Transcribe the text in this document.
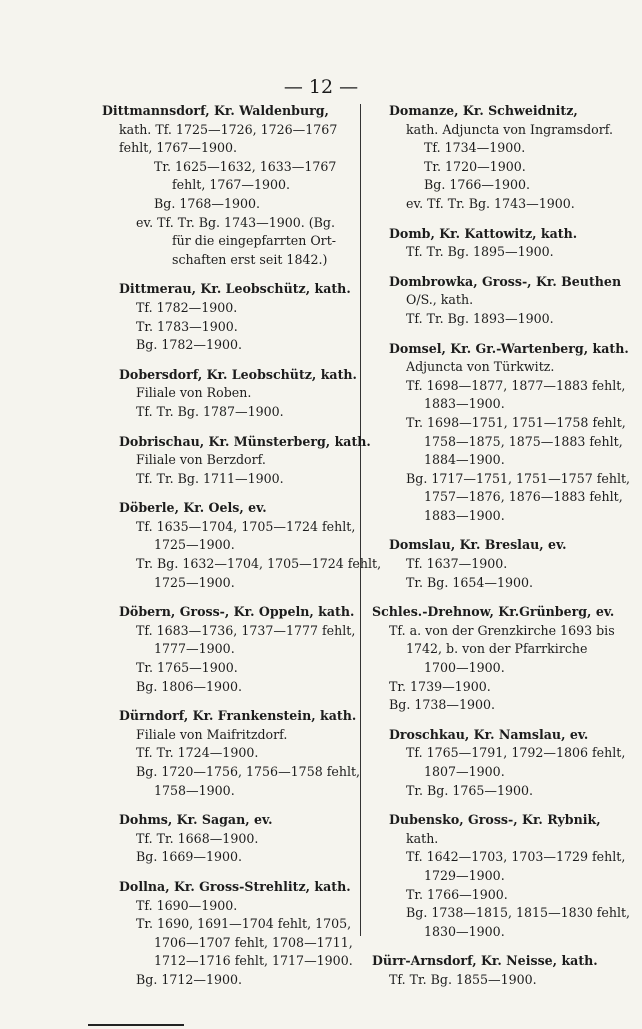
— 12 —
Dittmannsdorf, Kr. Waldenburg,
kath. Tf. 1725—1726, 1726—1767
fehlt, 1767—1900.
Tr. 1625—1632, 1633—1767
fehlt, 1767—1900.
Bg. 1768—1900.
ev. Tf. Tr. Bg. 1743—1900. (Bg.
für die eingepfarrten Ort-
schaften erst seit 1842.)
Dittmerau, Kr. Leobschütz, kath.
Tf. 1782—1900.
Tr. 1783—1900.
Bg. 1782—1900.
Dobersdorf, Kr. Leobschütz, kath.
Filiale von Roben.
Tf. Tr. Bg. 1787—1900.
Dobrischau, Kr. Münsterberg, kath.
Filiale von Berzdorf.
Tf. Tr. Bg. 1711—1900.
Döberle, Kr. Oels, ev.
Tf. 1635—1704, 1705—1724 fehlt,
1725—1900.
Tr. Bg. 1632—1704, 1705—1724 fehlt,
1725—1900.
Döbern, Gross-, Kr. Oppeln, kath.
Tf. 1683—1736, 1737—1777 fehlt,
1777—1900.
Tr. 1765—1900.
Bg. 1806—1900.
Dürndorf, Kr. Frankenstein, kath.
Filiale von Maifritzdorf.
Tf. Tr. 1724—1900.
Bg. 1720—1756, 1756—1758 fehlt,
1758—1900.
Dohms, Kr. Sagan, ev.
Tf. Tr. 1668—1900.
Bg. 1669—1900.
Dollna, Kr. Gross-Strehlitz, kath.
Tf. 1690—1900.
Tr. 1690, 1691—1704 fehlt, 1705,
1706—1707 fehlt, 1708—1711,
1712—1716 fehlt, 1717—1900.
Bg. 1712—1900.
Domanze, Kr. Schweidnitz,
kath. Adjuncta von Ingramsdorf.
Tf. 1734—1900.
Tr. 1720—1900.
Bg. 1766—1900.
ev. Tf. Tr. Bg. 1743—1900.
Domb, Kr. Kattowitz, kath.
Tf. Tr. Bg. 1895—1900.
Dombrowka, Gross-, Kr. Beuthen
O/S., kath.
Tf. Tr. Bg. 1893—1900.
Domsel, Kr. Gr.-Wartenberg, kath.
Adjuncta von Türkwitz.
Tf. 1698—1877, 1877—1883 fehlt,
1883—1900.
Tr. 1698—1751, 1751—1758 fehlt,
1758—1875, 1875—1883 fehlt,
1884—1900.
Bg. 1717—1751, 1751—1757 fehlt,
1757—1876, 1876—1883 fehlt,
1883—1900.
Domslau, Kr. Breslau, ev.
Tf. 1637—1900.
Tr. Bg. 1654—1900.
Schles.-Drehnow, Kr.Grünberg, ev.
Tf. a. von der Grenzkirche 1693 bis
1742, b. von der Pfarrkirche
1700—1900.
Tr. 1739—1900.
Bg. 1738—1900.
Droschkau, Kr. Namslau, ev.
Tf. 1765—1791, 1792—1806 fehlt,
1807—1900.
Tr. Bg. 1765—1900.
Dubensko, Gross-, Kr. Rybnik,
kath.
Tf. 1642—1703, 1703—1729 fehlt,
1729—1900.
Tr. 1766—1900.
Bg. 1738—1815, 1815—1830 fehlt,
1830—1900.
Dürr-Arnsdorf, Kr. Neisse, kath.
Tf. Tr. Bg. 1855—1900.
